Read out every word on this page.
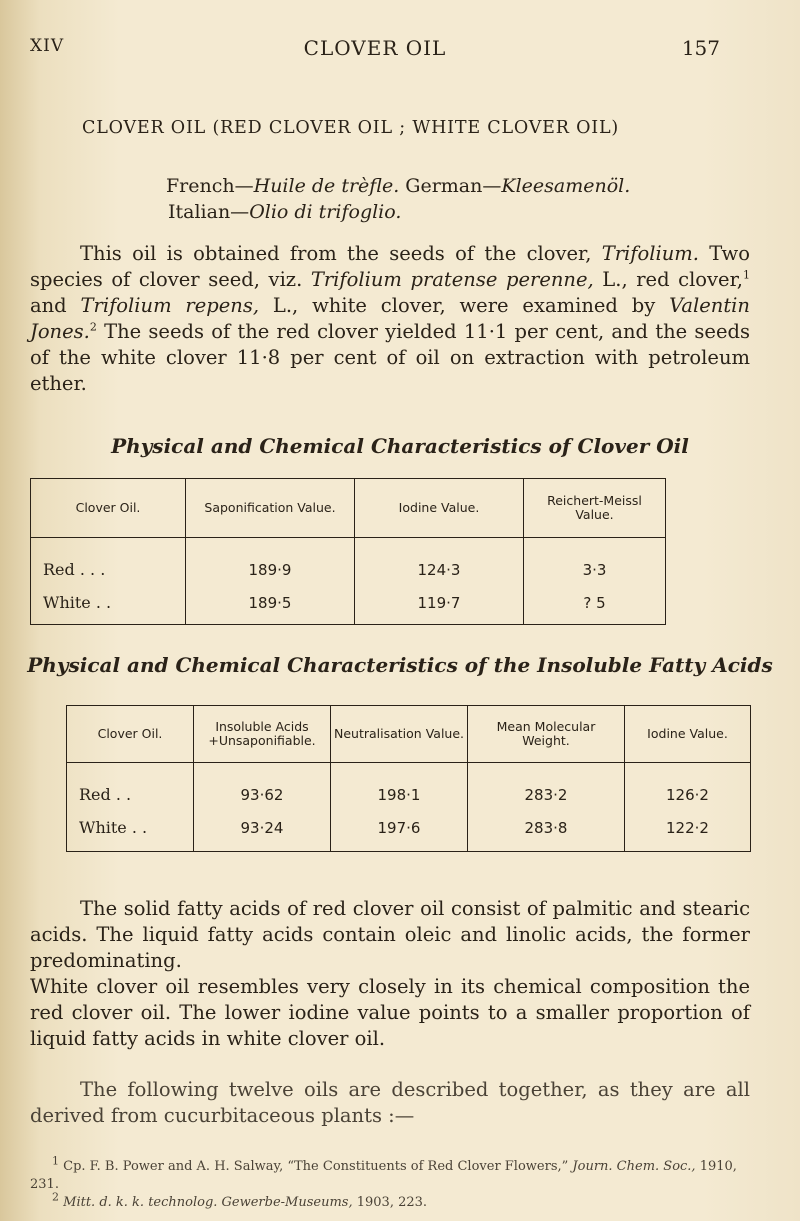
XIV	CLOVER OIL	157
CLOVER OIL (RED CLOVER OIL ; WHITE CLOVER OIL)
French—Huile de trèfle. German—Kleesamenöl.
Italian—Olio di trifoglio.

This oil is obtained from the seeds of the clover, Trifolium. Two species of clover seed, viz. Trifolium pratense perenne, L., red clover,$^1$ and Trifolium repens, L., white clover, were examined by Valentin Jones.$^2$ The seeds of the red clover yielded 11·1 per cent, and the seeds of the white clover 11·8 per cent of oil on extraction with petroleum ether.

Physical and Chemical Characteristics of Clover Oil
Clover Oil.	Saponification Value.	Iodine Value.	Reichert-Meissl Value.
Red . . .	189·9	124·3	3·3
White . .	189·5	119·7	? 5
Physical and Chemical Characteristics of the Insoluble Fatty Acids
Clover Oil.	Insoluble Acids +Unsaponifiable.	Neutralisation Value.	Mean Molecular Weight.	Iodine Value.
Red . .	93·62	198·1	283·2	126·2
White . .	93·24	197·6	283·8	122·2

The solid fatty acids of red clover oil consist of palmitic and stearic acids. The liquid fatty acids contain oleic and linolic acids, the former predominating.

White clover oil resembles very closely in its chemical composition the red clover oil. The lower iodine value points to a smaller proportion of liquid fatty acids in white clover oil.

The following twelve oils are described together, as they are all derived from cucurbitaceous plants :—

$^1$ Cp. F. B. Power and A. H. Salway, “The Constituents of Red Clover Flowers,” Journ. Chem. Soc., 1910, 231.
$^2$ Mitt. d. k. k. technolog. Gewerbe-Museums, 1903, 223.
